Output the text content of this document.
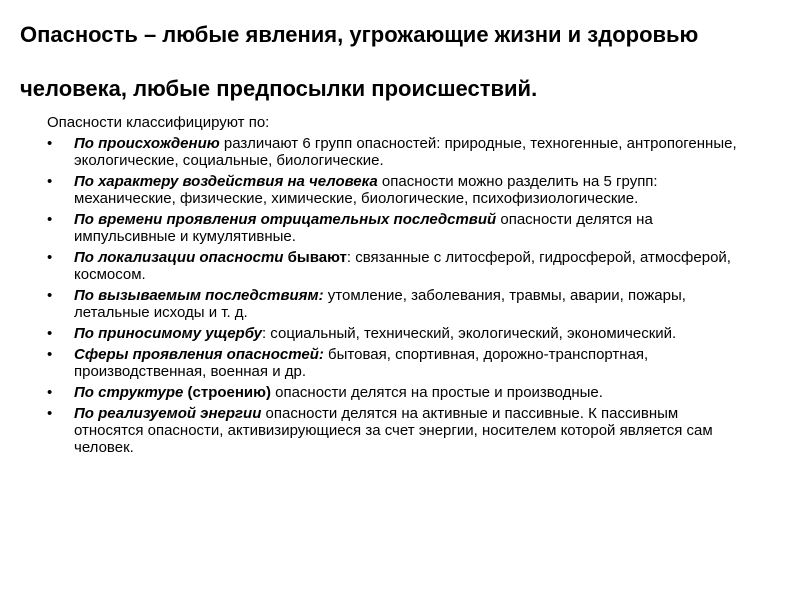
Опасность – любые явления, угрожающие жизни и здоровью человека, любые предпосылки происшествий.

Опасности классифицируют по:

•	По происхождению различают 6 групп опасностей: природные, техногенные, антропогенные, экологические, социальные, биологические.
•	По характеру воздействия на человека опасности можно разделить на 5 групп: механические, физические, химические, биологические, психофизиологические.
•	По времени проявления отрицательных последствий опасности делятся на импульсивные и кумулятивные.
•	По локализации опасности бывают: связанные с литосферой, гидросферой, атмосферой, космосом.
•	По вызываемым последствиям: утомление, заболевания, травмы, аварии, пожары, летальные исходы и т. д.
•	По приносимому ущербу: социальный, технический, экологический, экономический.
•	Сферы проявления опасностей: бытовая, спортивная, дорожно-транспортная, производственная, военная и др.
•	По структуре (строению) опасности делятся на простые и производные.
•	По реализуемой энергии опасности делятся на активные и пассивные. К пассивным относятся опасности, активизирующиеся за счет энергии, носителем которой является сам человек.
